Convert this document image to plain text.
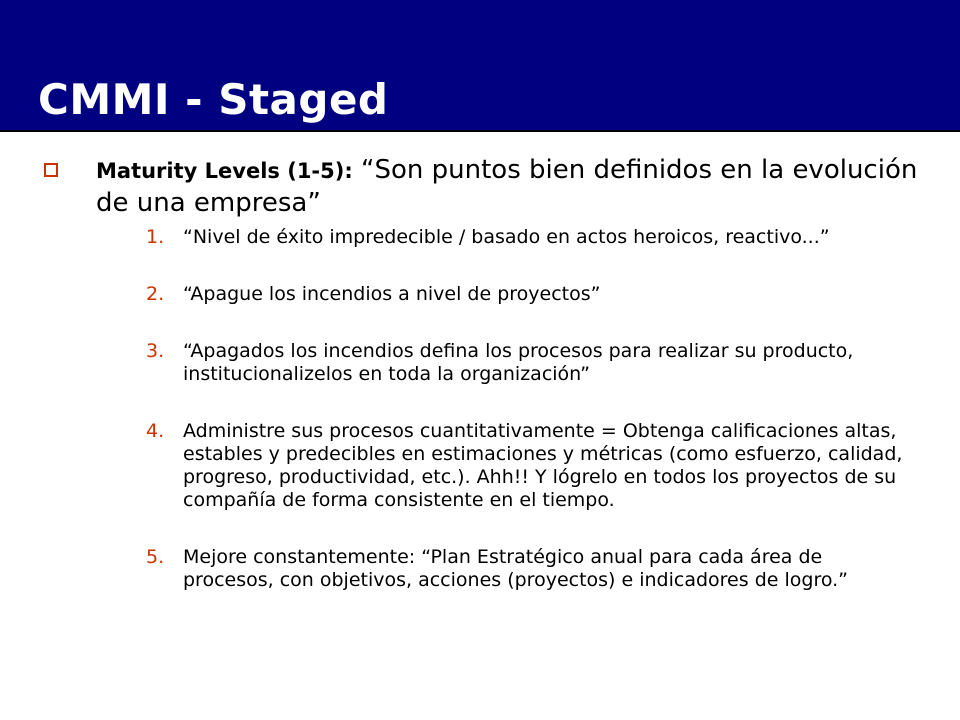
CMMI - Staged
Maturity Levels (1-5): “Son puntos bien definidos en la evolución de una empresa”
1. “Nivel de éxito impredecible / basado en actos heroicos, reactivo...”
2. “Apague los incendios a nivel de proyectos”
3. “Apagados los incendios defina los procesos para realizar su producto, institucionalizelos en toda la organización”
4. Administre sus procesos cuantitativamente = Obtenga calificaciones altas, estables y predecibles en estimaciones y métricas (como esfuerzo, calidad, progreso, productividad, etc.). Ahh!! Y lógrelo en todos los proyectos de su compañía de forma consistente en el tiempo.
5. Mejore constantemente: “Plan Estratégico anual para cada área de procesos, con objetivos, acciones (proyectos) e indicadores de logro.”
